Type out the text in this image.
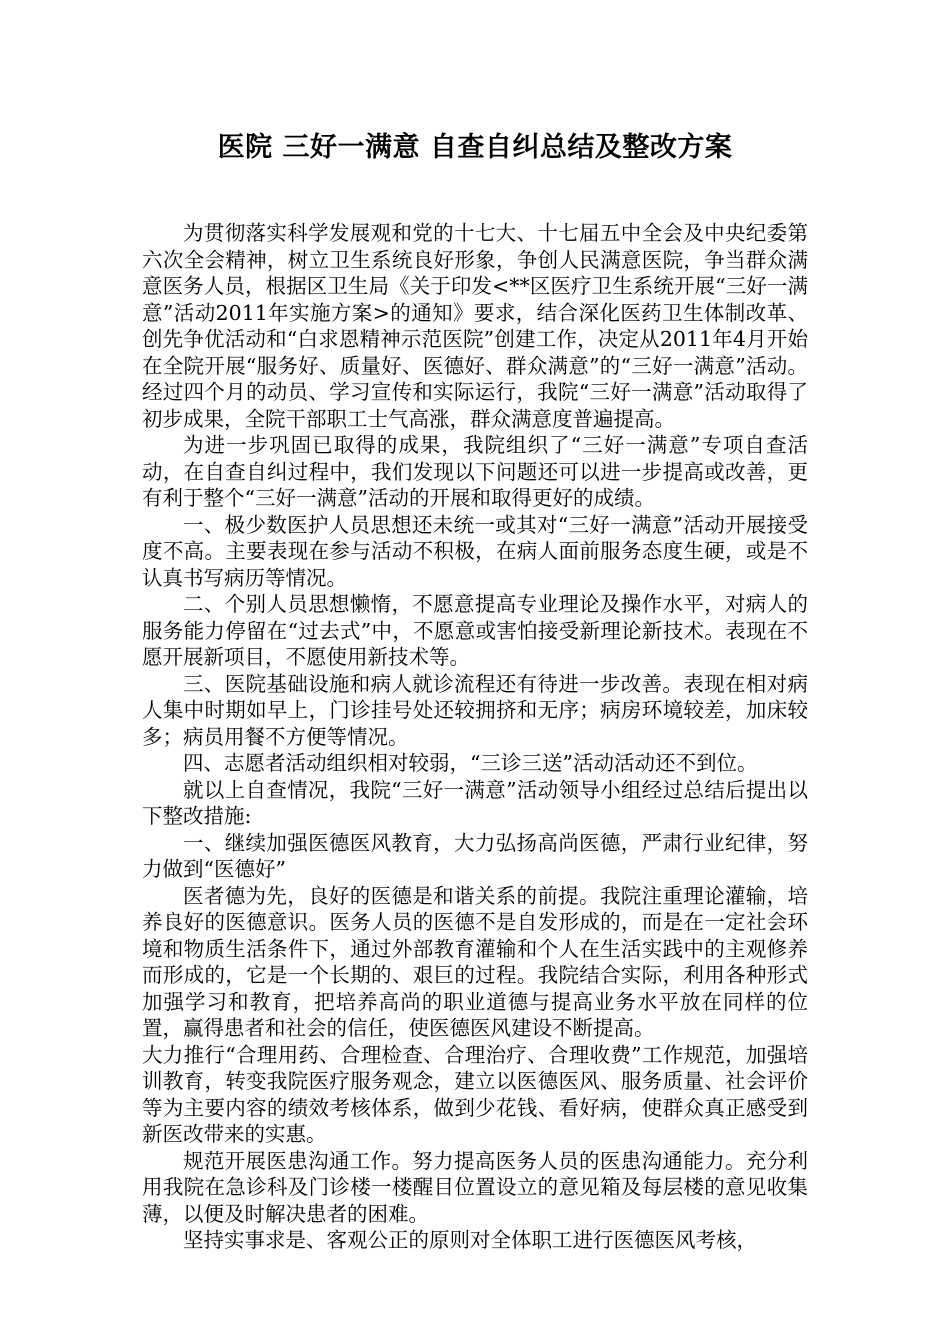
医院 三好一满意 自查自纠总结及整改方案

为贯彻落实科学发展观和党的十七大、十七届五中全会及中央纪委第六次全会精神，树立卫生系统良好形象，争创人民满意医院，争当群众满意医务人员，根据区卫生局《关于印发<**区医疗卫生系统开展“三好一满意”活动2011年实施方案>的通知》要求，结合深化医药卫生体制改革、创先争优活动和“白求恩精神示范医院”创建工作，决定从2011年4月开始在全院开展“服务好、质量好、医德好、群众满意”的“三好一满意”活动。经过四个月的动员、学习宣传和实际运行，我院“三好一满意”活动取得了初步成果，全院干部职工士气高涨，群众满意度普遍提高。

为进一步巩固已取得的成果，我院组织了“三好一满意”专项自查活动，在自查自纠过程中，我们发现以下问题还可以进一步提高或改善，更有利于整个“三好一满意”活动的开展和取得更好的成绩。

一、极少数医护人员思想还未统一或其对“三好一满意”活动开展接受度不高。主要表现在参与活动不积极，在病人面前服务态度生硬，或是不认真书写病历等情况。

二、个别人员思想懒惰，不愿意提高专业理论及操作水平，对病人的服务能力停留在“过去式”中，不愿意或害怕接受新理论新技术。表现在不愿开展新项目，不愿使用新技术等。

三、医院基础设施和病人就诊流程还有待进一步改善。表现在相对病人集中时期如早上，门诊挂号处还较拥挤和无序；病房环境较差，加床较多；病员用餐不方便等情况。

四、志愿者活动组织相对较弱，“三诊三送”活动活动还不到位。

就以上自查情况，我院“三好一满意”活动领导小组经过总结后提出以下整改措施:

一、继续加强医德医风教育，大力弘扬高尚医德，严肃行业纪律，努力做到“医德好”

医者德为先，良好的医德是和谐关系的前提。我院注重理论灌输，培养良好的医德意识。医务人员的医德不是自发形成的，而是在一定社会环境和物质生活条件下，通过外部教育灌输和个人在生活实践中的主观修养而形成的，它是一个长期的、艰巨的过程。我院结合实际，利用各种形式加强学习和教育，把培养高尚的职业道德与提高业务水平放在同样的位置，赢得患者和社会的信任，使医德医风建设不断提高。

大力推行“合理用药、合理检查、合理治疗、合理收费”工作规范，加强培训教育，转变我院医疗服务观念，建立以医德医风、服务质量、社会评价等为主要内容的绩效考核体系，做到少花钱、看好病，使群众真正感受到新医改带来的实惠。

规范开展医患沟通工作。努力提高医务人员的医患沟通能力。充分利用我院在急诊科及门诊楼一楼醒目位置设立的意见箱及每层楼的意见收集薄，以便及时解决患者的困难。

坚持实事求是、客观公正的原则对全体职工进行医德医风考核，
